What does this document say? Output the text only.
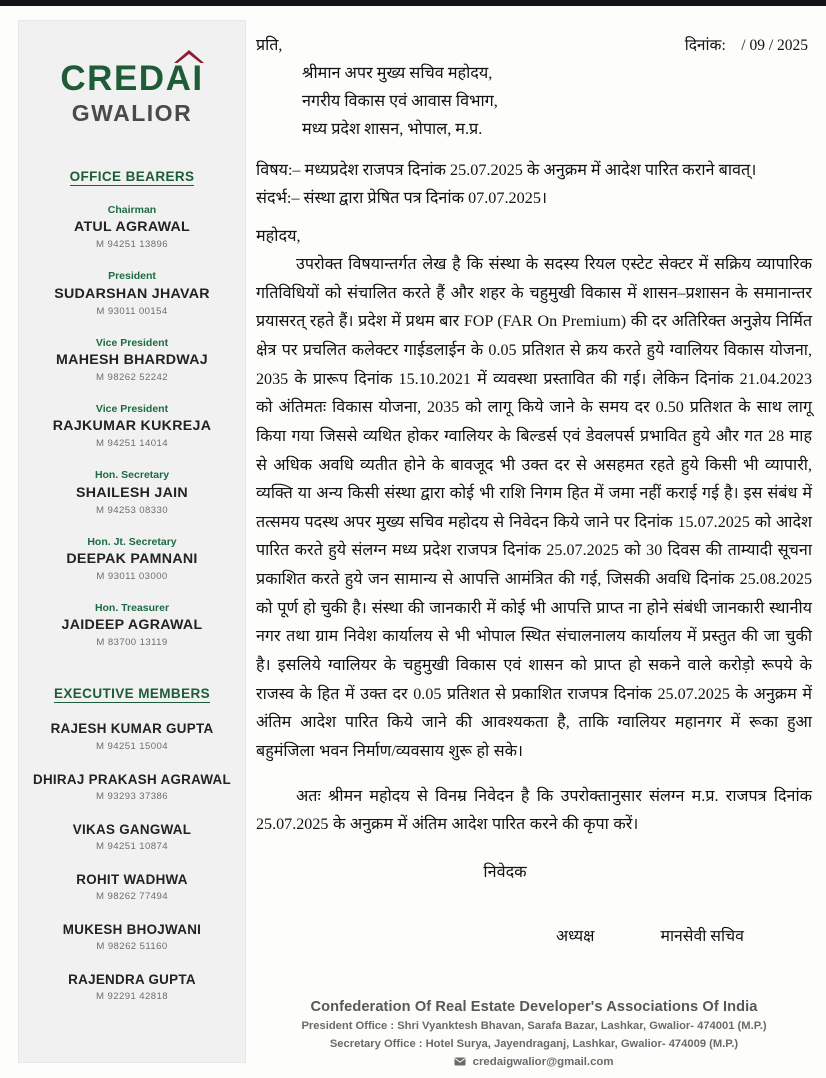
CREDAI
GWALIOR
OFFICE BEARERS
Chairman
ATUL AGRAWAL
M 94251 13896
President
SUDARSHAN JHAVAR
M 93011 00154
Vice President
MAHESH BHARDWAJ
M 98262 52242
Vice President
RAJKUMAR KUKREJA
M 94251 14014
Hon. Secretary
SHAILESH JAIN
M 94253 08330
Hon. Jt. Secretary
DEEPAK PAMNANI
M 93011 03000
Hon. Treasurer
JAIDEEP AGRAWAL
M 83700 13119
EXECUTIVE MEMBERS
RAJESH KUMAR GUPTA
M 94251 15004
DHIRAJ PRAKASH AGRAWAL
M 93293 37386
VIKAS GANGWAL
M 94251 10874
ROHIT WADHWA
M 98262 77494
MUKESH BHOJWANI
M 98262 51160
RAJENDRA GUPTA
M 92291 42818
प्रति,	दिनांक:    / 09 / 2025
श्रीमान अपर मुख्य सचिव महोदय,
नगरीय विकास एवं आवास विभाग,
मध्य प्रदेश शासन, भोपाल, म.प्र.
विषय:– मध्यप्रदेश राजपत्र दिनांक 25.07.2025 के अनुक्रम में आदेश पारित कराने बावत्।
संदर्भ:– संस्था द्वारा प्रेषित पत्र दिनांक 07.07.2025।
महोदय,

उपरोक्त विषयान्तर्गत लेख है कि संस्था के सदस्य रियल एस्टेट सेक्टर में सक्रिय व्यापारिक गतिविधियों को संचालित करते हैं और शहर के चहुमुखी विकास में शासन–प्रशासन के समानान्तर प्रयासरत् रहते हैं। प्रदेश में प्रथम बार FOP (FAR On Premium) की दर अतिरिक्त अनुज्ञेय निर्मित क्षेत्र पर प्रचलित कलेक्टर गाईडलाईन के 0.05 प्रतिशत से क्रय करते हुये ग्वालियर विकास योजना, 2035 के प्रारूप दिनांक 15.10.2021 में व्यवस्था प्रस्तावित की गई। लेकिन दिनांक 21.04.2023 को अंतिमतः विकास योजना, 2035 को लागू किये जाने के समय दर 0.50 प्रतिशत के साथ लागू किया गया जिससे व्यथित होकर ग्वालियर के बिल्डर्स एवं डेवलपर्स प्रभावित हुये और गत 28 माह से अधिक अवधि व्यतीत होने के बावजूद भी उक्त दर से असहमत रहते हुये किसी भी व्यापारी, व्यक्ति या अन्य किसी संस्था द्वारा कोई भी राशि निगम हित में जमा नहीं कराई गई है। इस संबंध में तत्समय पदस्थ अपर मुख्य सचिव महोदय से निवेदन किये जाने पर दिनांक 15.07.2025 को आदेश पारित करते हुये संलग्न मध्य प्रदेश राजपत्र दिनांक 25.07.2025 को 30 दिवस की ताम्यादी सूचना प्रकाशित करते हुये जन सामान्य से आपत्ति आमंत्रित की गई, जिसकी अवधि दिनांक 25.08.2025 को पूर्ण हो चुकी है। संस्था की जानकारी में कोई भी आपत्ति प्राप्त ना होने संबंधी जानकारी स्थानीय नगर तथा ग्राम निवेश कार्यालय से भी भोपाल स्थित संचालनालय कार्यालय में प्रस्तुत की जा चुकी है। इसलिये ग्वालियर के चहुमुखी विकास एवं शासन को प्राप्त हो सकने वाले करोड़ो रूपये के राजस्व के हित में उक्त दर 0.05 प्रतिशत से प्रकाशित राजपत्र दिनांक 25.07.2025 के अनुक्रम में अंतिम आदेश पारित किये जाने की आवश्यकता है, ताकि ग्वालियर महानगर में रूका हुआ बहुमंजिला भवन निर्माण/व्यवसाय शुरू हो सके।

अतः श्रीमन महोदय से विनम्र निवेदन है कि उपरोक्तानुसार संलग्न म.प्र. राजपत्र दिनांक 25.07.2025 के अनुक्रम में अंतिम आदेश पारित करने की कृपा करें।

निवेदक
अध्यक्ष	मानसेवी सचिव
Confederation Of Real Estate Developer's Associations Of India
President Office : Shri Vyanktesh Bhavan, Sarafa Bazar, Lashkar, Gwalior- 474001 (M.P.)
Secretary Office : Hotel Surya, Jayendraganj, Lashkar, Gwalior- 474009 (M.P.)
credaigwalior@gmail.com
